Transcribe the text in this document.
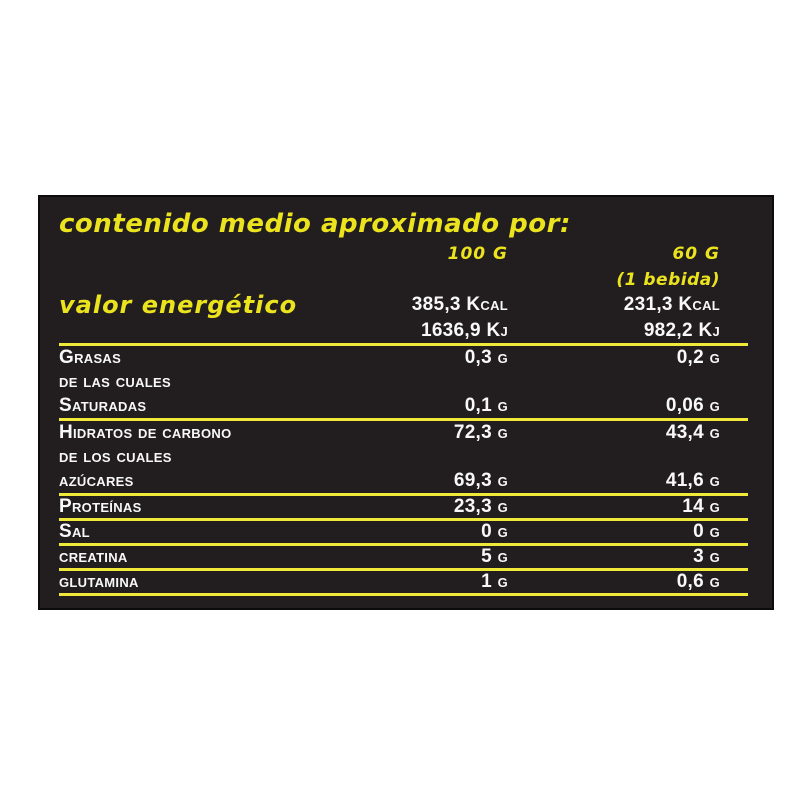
contenido medio aproximado por:
100 G	60 G
(1 bebida)
valor energético	385,3 Kcal	231,3 Kcal
1636,9 Kj	982,2 Kj
Grasas	0,3 g	0,2 g
de las cuales
Saturadas	0,1 g	0,06 g
Hidratos de carbono	72,3 g	43,4 g
de los cuales
azúcares	69,3 g	41,6 g
Proteínas	23,3 g	14 g
Sal	0 g	0 g
creatina	5 g	3 g
glutamina	1 g	0,6 g
